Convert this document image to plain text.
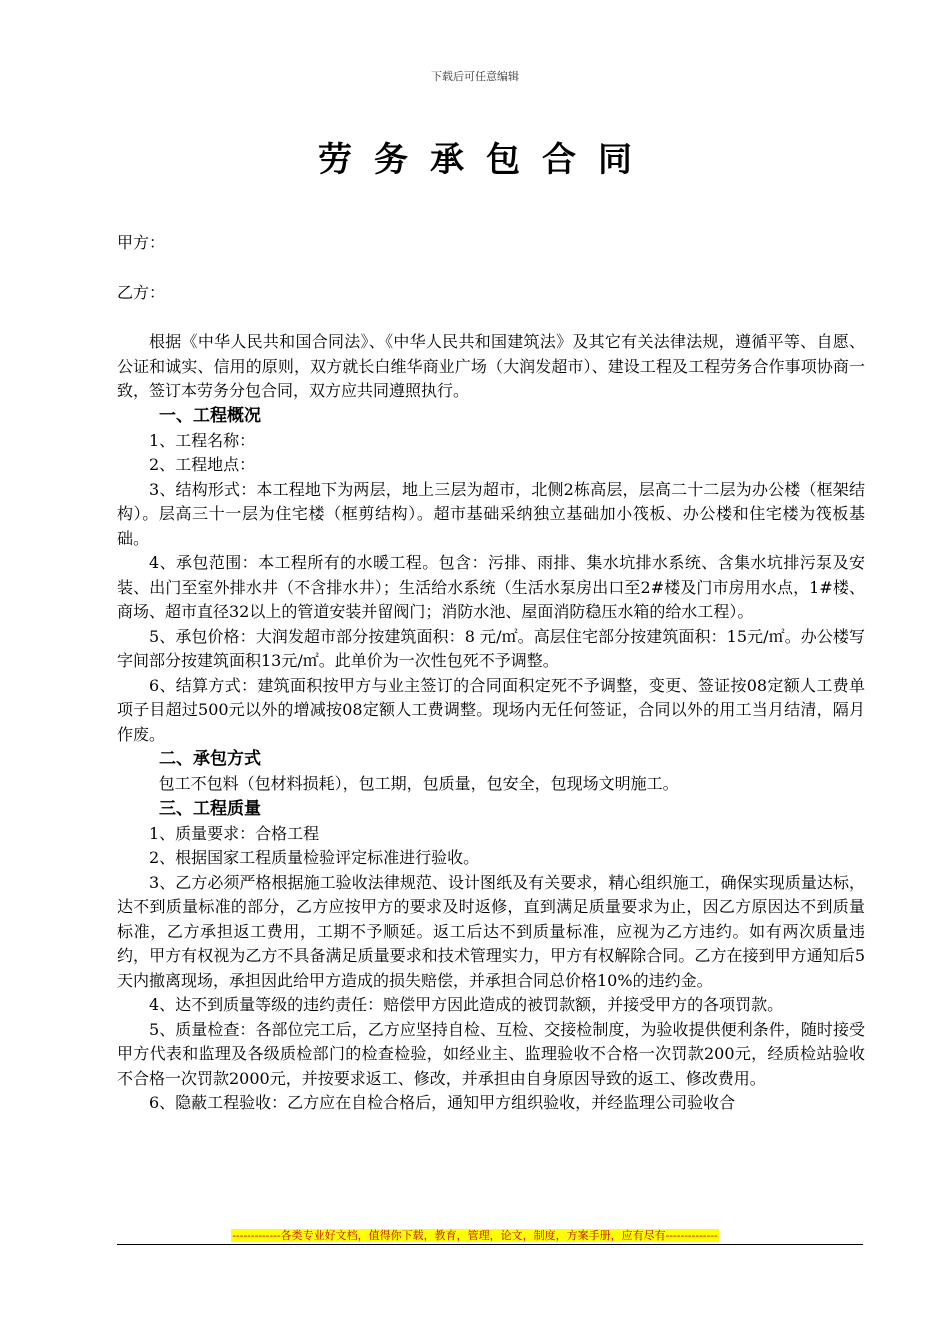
下载后可任意编辑
劳务承包合同
甲方：
乙方：

根据《中华人民共和国合同法》、《中华人民共和国建筑法》及其它有关法律法规，遵循平等、自愿、公证和诚实、信用的原则，双方就长白维华商业广场（大润发超市）、建设工程及工程劳务合作事项协商一致，签订本劳务分包合同，双方应共同遵照执行。

一、工程概况

1、工程名称：

2、工程地点：

3、结构形式：本工程地下为两层，地上三层为超市，北侧2栋高层，层高二十二层为办公楼（框架结构）。层高三十一层为住宅楼（框剪结构）。超市基础采纳独立基础加小筏板、办公楼和住宅楼为筏板基础。

4、承包范围：本工程所有的水暖工程。包含：污排、雨排、集水坑排水系统、含集水坑排污泵及安装、出门至室外排水井（不含排水井）；生活给水系统（生活水泵房出口至2#楼及门市房用水点，1#楼、商场、超市直径32以上的管道安装并留阀门；消防水池、屋面消防稳压水箱的给水工程）。

5、承包价格：大润发超市部分按建筑面积：8 元/㎡。高层住宅部分按建筑面积：15元/㎡。办公楼写字间部分按建筑面积13元/㎡。此单价为一次性包死不予调整。

6、结算方式：建筑面积按甲方与业主签订的合同面积定死不予调整，变更、签证按08定额人工费单项子目超过500元以外的增减按08定额人工费调整。现场内无任何签证，合同以外的用工当月结清，隔月作废。

二、承包方式

包工不包料（包材料损耗），包工期，包质量，包安全，包现场文明施工。

三、工程质量

1、质量要求：合格工程

2、根据国家工程质量检验评定标准进行验收。

3、乙方必须严格根据施工验收法律规范、设计图纸及有关要求，精心组织施工，确保实现质量达标，达不到质量标准的部分，乙方应按甲方的要求及时返修，直到满足质量要求为止，因乙方原因达不到质量标准，乙方承担返工费用，工期不予顺延。返工后达不到质量标准，应视为乙方违约。如有两次质量违约，甲方有权视为乙方不具备满足质量要求和技术管理实力，甲方有权解除合同。乙方在接到甲方通知后5天内撤离现场，承担因此给甲方造成的损失赔偿，并承担合同总价格10%的违约金。

4、达不到质量等级的违约责任：赔偿甲方因此造成的被罚款额，并接受甲方的各项罚款。

5、质量检查：各部位完工后，乙方应坚持自检、互检、交接检制度，为验收提供便利条件，随时接受甲方代表和监理及各级质检部门的检查检验，如经业主、监理验收不合格一次罚款200元，经质检站验收不合格一次罚款2000元，并按要求返工、修改，并承担由自身原因导致的返工、修改费用。

6、隐蔽工程验收：乙方应在自检合格后，通知甲方组织验收，并经监理公司验收合

-------------各类专业好文档，值得你下载，教育，管理，论文，制度，方案手册，应有尽有--------------
